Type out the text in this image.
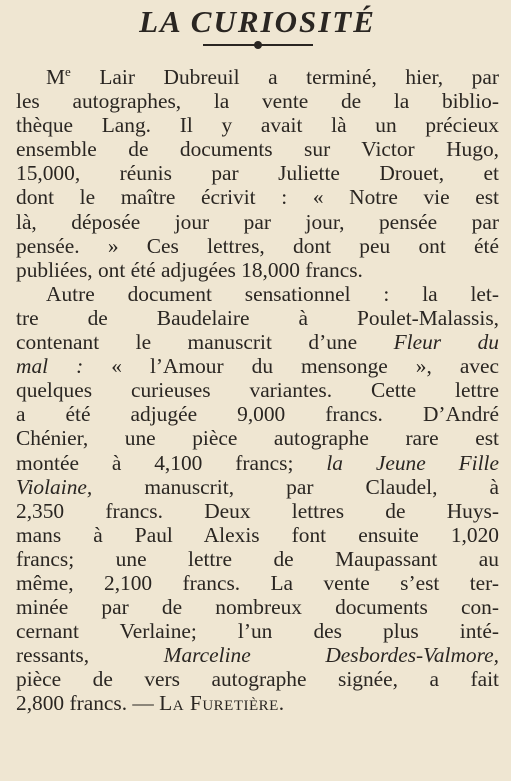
LA CURIOSITÉ
Me Lair Dubreuil a terminé, hier, par
les autographes, la vente de la biblio-
thèque Lang. Il y avait là un précieux
ensemble de documents sur Victor Hugo,
15,000, réunis par Juliette Drouet, et
dont le maître écrivit : « Notre vie est
là, déposée jour par jour, pensée par
pensée. » Ces lettres, dont peu ont été
publiées, ont été adjugées 18,000 francs.
Autre document sensationnel : la let-
tre de Baudelaire à Poulet-Malassis,
contenant le manuscrit d’une Fleur du
mal : « l’Amour du mensonge », avec
quelques curieuses variantes. Cette lettre
a été adjugée 9,000 francs. D’André
Chénier, une pièce autographe rare est
montée à 4,100 francs; la Jeune Fille
Violaine, manuscrit, par Claudel, à
2,350 francs. Deux lettres de Huys-
mans à Paul Alexis font ensuite 1,020
francs; une lettre de Maupassant au
même, 2,100 francs. La vente s’est ter-
minée par de nombreux documents con-
cernant Verlaine; l’un des plus inté-
ressants, Marceline Desbordes-Valmore,
pièce de vers autographe signée, a fait
2,800 francs. — La Furetière.
